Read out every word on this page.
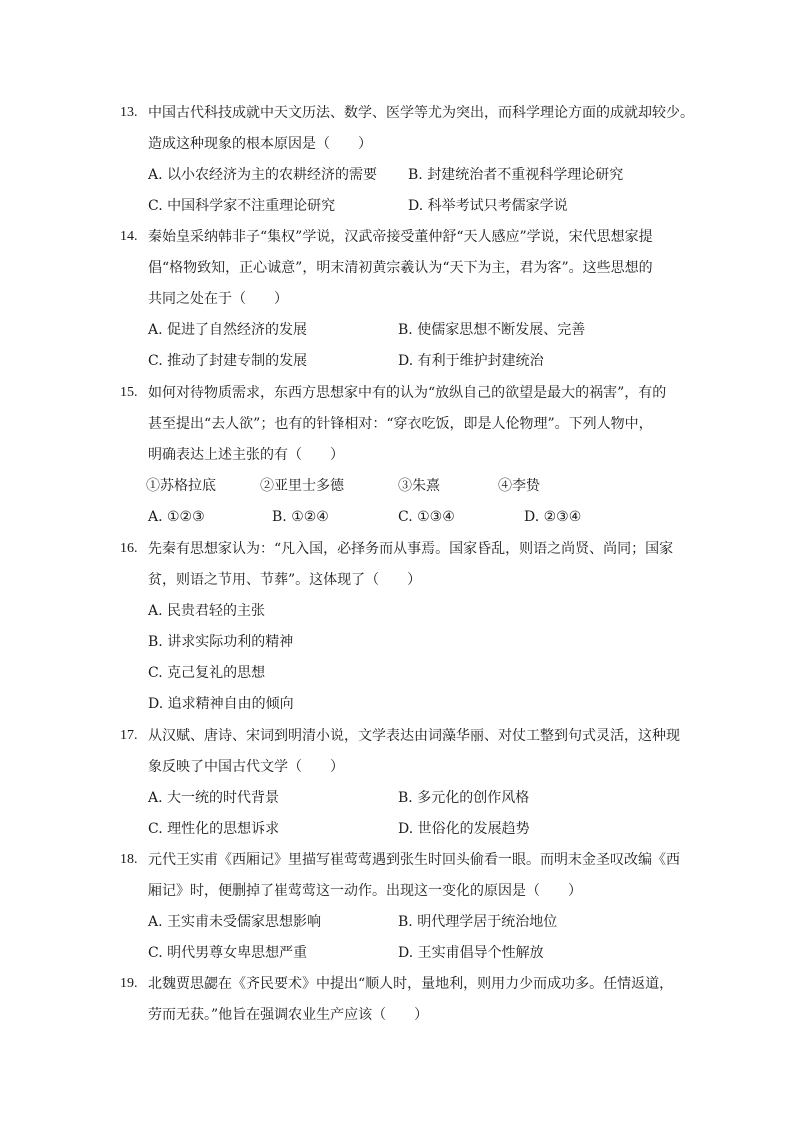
13. 中国古代科技成就中天文历法、数学、医学等尤为突出，而科学理论方面的成就却较少。
造成这种现象的根本原因是（　　）
A. 以小农经济为主的农耕经济的需要 B. 封建统治者不重视科学理论研究
C. 中国科学家不注重理论研究	D. 科举考试只考儒家学说
14. 秦始皇采纳韩非子“集权”学说，汉武帝接受董仲舒“天人感应”学说，宋代思想家提
倡“格物致知，正心诚意”，明末清初黄宗羲认为“天下为主，君为客”。这些思想的
共同之处在于（　　）
A. 促进了自然经济的发展	B. 使儒家思想不断发展、完善
C. 推动了封建专制的发展	D. 有利于维护封建统治
15. 如何对待物质需求，东西方思想家中有的认为“放纵自己的欲望是最大的祸害”，有的
甚至提出“去人欲”；也有的针锋相对：“穿衣吃饭，即是人伦物理”。下列人物中，
明确表达上述主张的有（　　）
①苏格拉底	②亚里士多德	③朱熹	④李贽
A. ①②③	B. ①②④	C. ①③④	D. ②③④
16. 先秦有思想家认为：“凡入国，必择务而从事焉。国家昏乱，则语之尚贤、尚同；国家
贫，则语之节用、节葬”。这体现了（　　）
A. 民贵君轻的主张
B. 讲求实际功利的精神
C. 克己复礼的思想
D. 追求精神自由的倾向
17. 从汉赋、唐诗、宋词到明清小说，文学表达由词藻华丽、对仗工整到句式灵活，这种现
象反映了中国古代文学（　　）
A. 大一统的时代背景	B. 多元化的创作风格
C. 理性化的思想诉求	D. 世俗化的发展趋势
18. 元代王实甫《西厢记》里描写崔莺莺遇到张生时回头偷看一眼。而明末金圣叹改编《西
厢记》时，便删掉了崔莺莺这一动作。出现这一变化的原因是（　　）
A. 王实甫未受儒家思想影响	B. 明代理学居于统治地位
C. 明代男尊女卑思想严重	D. 王实甫倡导个性解放
19. 北魏贾思勰在《齐民要术》中提出“顺人时，量地利，则用力少而成功多。任情返道，
劳而无获。”他旨在强调农业生产应该（　　）
